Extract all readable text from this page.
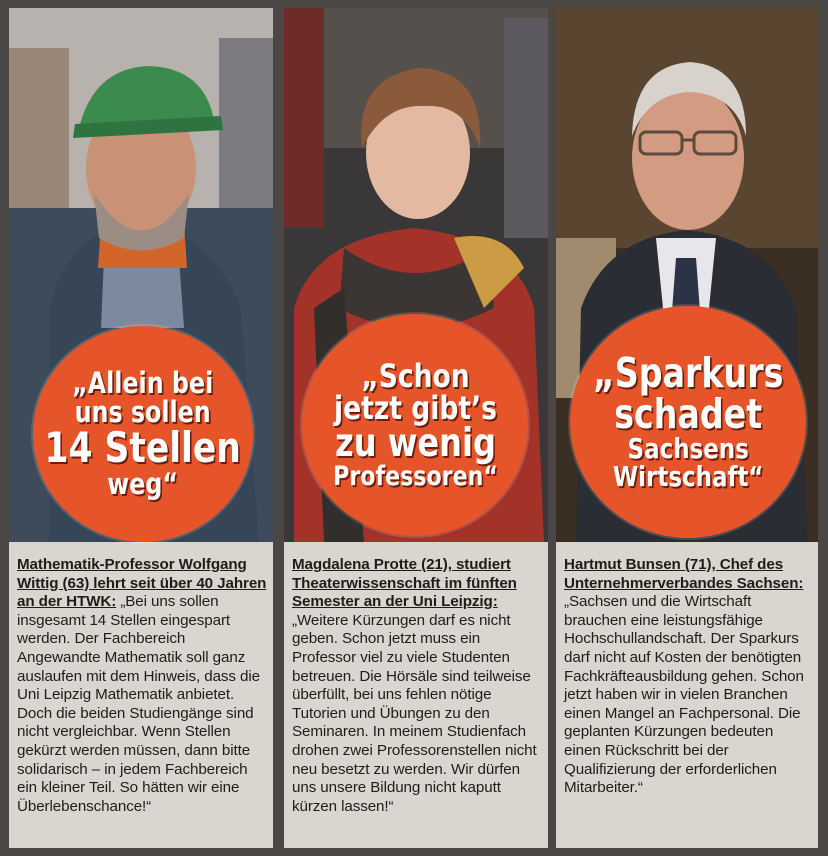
„Allein bei
uns sollen
14 Stellen
weg“

Mathematik-Professor Wolfgang Wittig (63) lehrt seit über 40 Jahren an der HTWK: „Bei uns sollen insgesamt 14 Stellen eingespart werden. Der Fachbereich Angewandte Mathematik soll ganz auslaufen mit dem Hinweis, dass die Uni Leipzig Mathematik anbietet. Doch die beiden Studiengänge sind nicht vergleichbar. Wenn Stellen gekürzt werden müssen, dann bitte solidarisch – in jedem Fachbereich ein kleiner Teil. So hätten wir eine Überlebenschance!“

„Schon
jetzt gibt’s
zu wenig
Professoren“

Magdalena Protte (21), studiert Theaterwissenschaft im fünften Semester an der Uni Leipzig: „Weitere Kürzungen darf es nicht geben. Schon jetzt muss ein Professor viel zu viele Studenten betreuen. Die Hörsäle sind teilweise überfüllt, bei uns fehlen nötige Tutorien und Übungen zu den Seminaren. In meinem Studienfach drohen zwei Professorenstellen nicht neu besetzt zu werden. Wir dürfen uns unsere Bildung nicht kaputt kürzen lassen!“

„Sparkurs
schadet
Sachsens
Wirtschaft“

Hartmut Bunsen (71), Chef des Unternehmerverbandes Sachsen: „Sachsen und die Wirtschaft brauchen eine leistungsfähige Hochschullandschaft. Der Sparkurs darf nicht auf Kosten der benötigten Fachkräfteausbildung gehen. Schon jetzt haben wir in vielen Branchen einen Mangel an Fachpersonal. Die geplanten Kürzungen bedeuten einen Rückschritt bei der Qualifizierung der erforderlichen Mitarbeiter.“
